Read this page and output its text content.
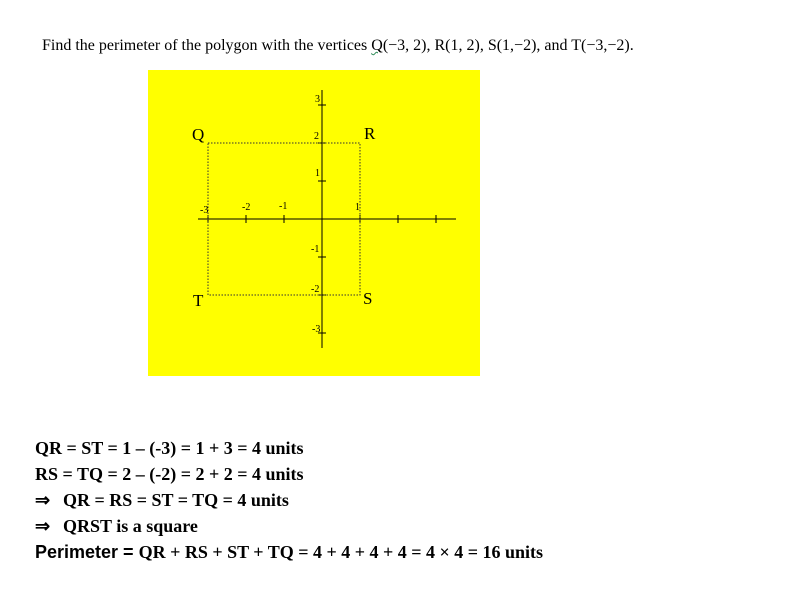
Find the perimeter of the polygon with the vertices Q(−3, 2), R(1, 2), S(1,−2), and T(−3,−2).
-3	-2	-1	1
3
2
1
-1
-2
-3
Q	R
S
T
QR = ST = 1 – (-3) = 1 + 3 = 4 units
RS = TQ = 2 – (-2) = 2 + 2 = 4 units
⇒ QR = RS = ST = TQ = 4 units
⇒ QRST is a square
Perimeter = QR + RS + ST + TQ = 4 + 4 + 4 + 4 = 4 × 4 = 16 units
